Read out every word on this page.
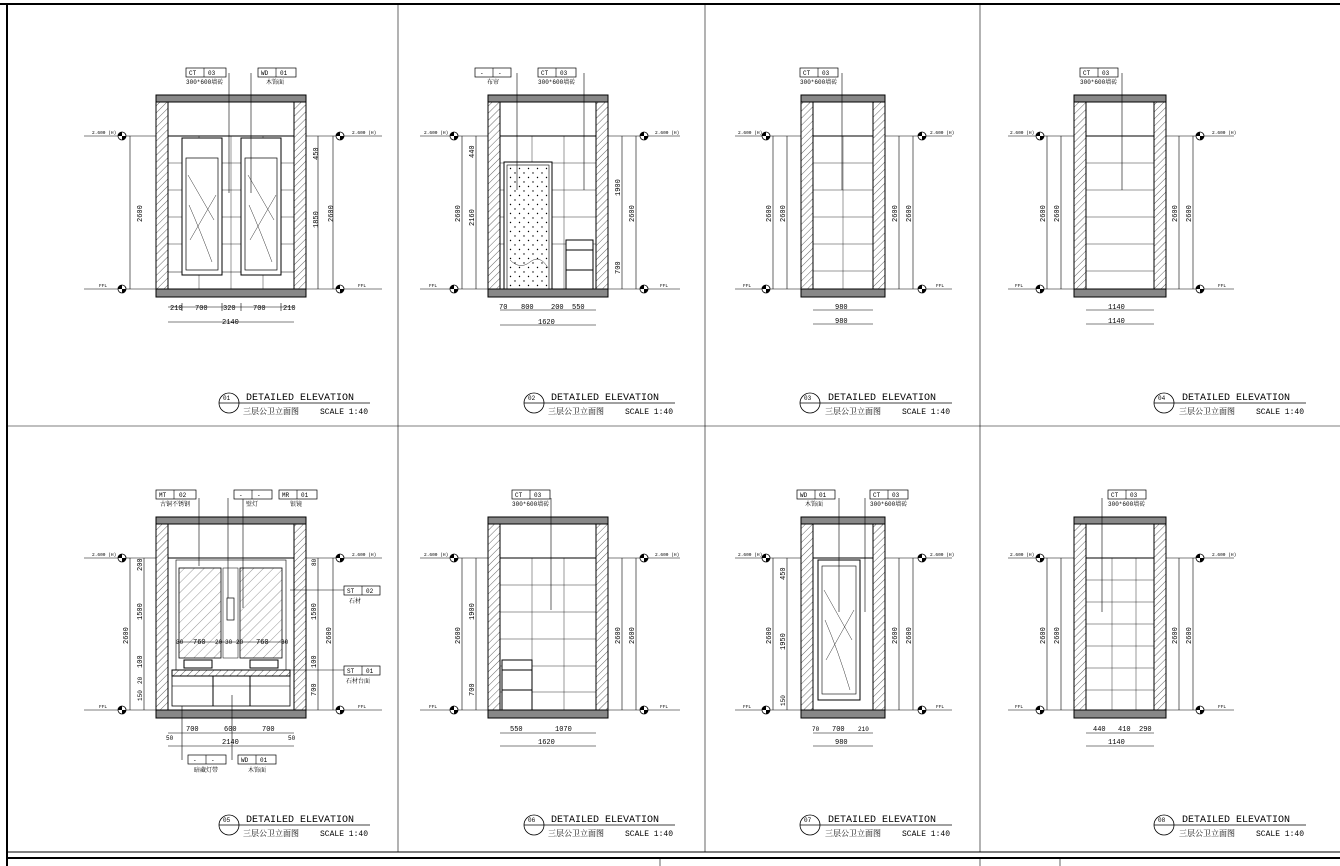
CT 03
300*600墙砖
WD 01
木饰面
2.600 (H)	2.600 (H)
FFL	FFL
2600
450
1850 2600
210 700 320 700 210
2140
01 DETAILED ELEVATION
三层公卫立面图	SCALE 1:40
- -
布帘
CT 03
300*600墙砖
2.600 (H)	2.600 (H)
FFL	FFL
2600
440
2160
1900
700
2600
70 800 200 550
1620
02 DETAILED ELEVATION
三层公卫立面图	SCALE 1:40
CT 03
300*600墙砖
2.600 (H)	2.600 (H)
FFL	FFL
2600 2600	2600 2600
980
980
03 DETAILED ELEVATION
三层公卫立面图	SCALE 1:40
CT 03
300*600墙砖
2.600 (H)	2.600 (H)
FFL	FFL
2600 2600	2600 2600
1140
1140
04 DETAILED ELEVATION
三层公卫立面图	SCALE 1:40
MT 02
古铜不锈钢
- -
壁灯
MR 01
银镜
ST 02
石材
ST 01
石材台面
- -
暗藏灯带
WD 01
木饰面
2.600 (H)	2.600 (H)
FFL	FFL
2600
200
1500
100
20
150
80
1500
100
700
2600
30 760 20 30 20 760 30
700	600	700
50	50
2140
05 DETAILED ELEVATION
三层公卫立面图	SCALE 1:40
CT 03
300*600墙砖
2.600 (H)	2.600 (H)
FFL	FFL
2600
1900
700
2600 2600
550	1070
1620
06 DETAILED ELEVATION
三层公卫立面图	SCALE 1:40
WD 01
木饰面
CT 03
300*600墙砖
2.600 (H)	2.600 (H)
FFL	FFL
2600
450
1950
150
2600 2600
70 700 210
980
07 DETAILED ELEVATION
三层公卫立面图	SCALE 1:40
CT 03
300*600墙砖
2.600 (H)	2.600 (H)
FFL	FFL
2600 2600	2600 2600
440 410 290
1140
08 DETAILED ELEVATION
三层公卫立面图	SCALE 1:40
